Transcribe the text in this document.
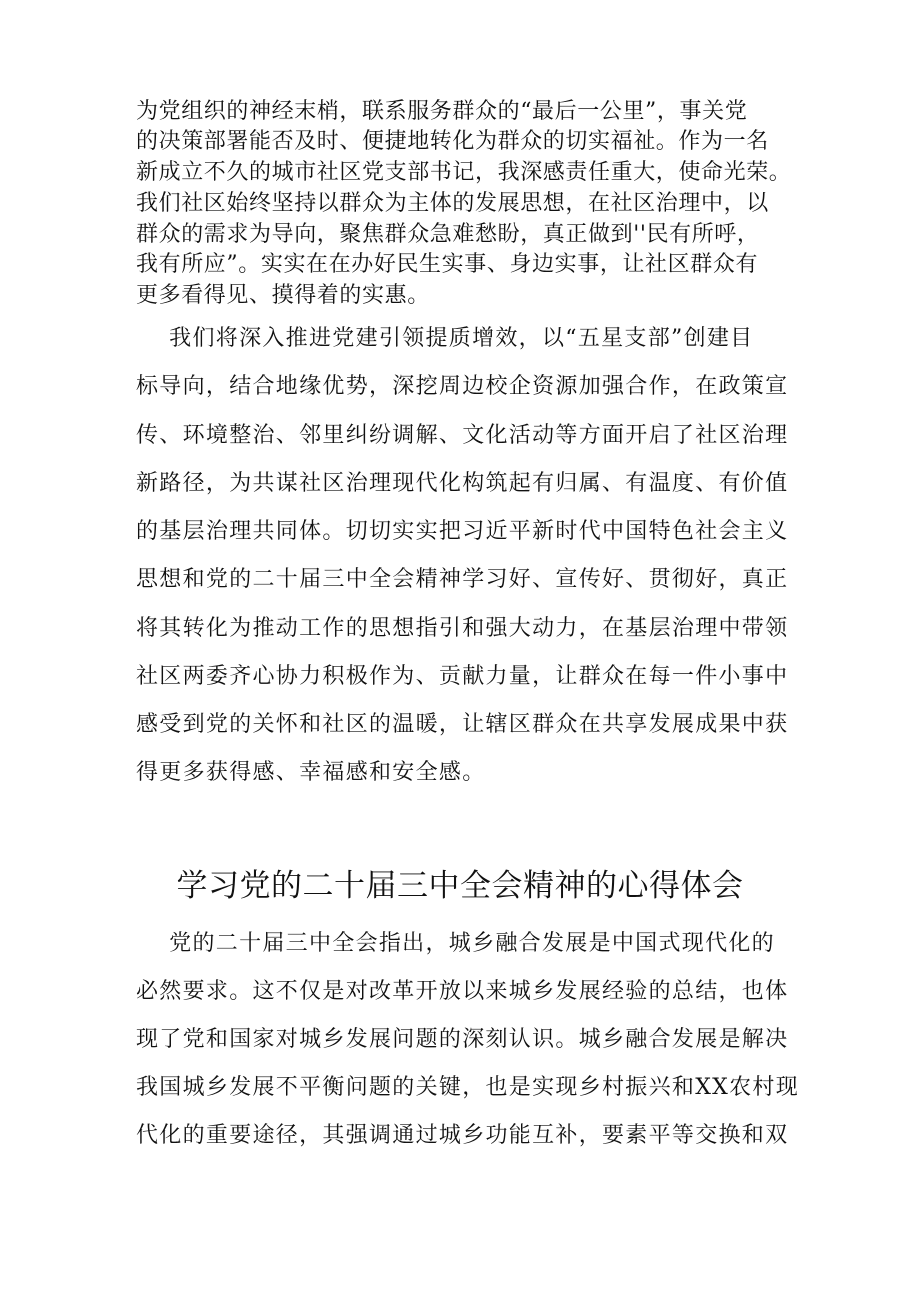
为党组织的神经末梢，联系服务群众的“最后一公里”，事关党
的决策部署能否及时、便捷地转化为群众的切实福祉。作为一名
新成立不久的城市社区党支部书记，我深感责任重大，使命光荣。
我们社区始终坚持以群众为主体的发展思想，在社区治理中，以
群众的需求为导向，聚焦群众急难愁盼，真正做到''民有所呼，
我有所应”。实实在在办好民生实事、身边实事，让社区群众有
更多看得见、摸得着的实惠。
我们将深入推进党建引领提质增效，以“五星支部”创建目
标导向，结合地缘优势，深挖周边校企资源加强合作，在政策宣
传、环境整治、邻里纠纷调解、文化活动等方面开启了社区治理
新路径，为共谋社区治理现代化构筑起有归属、有温度、有价值
的基层治理共同体。切切实实把习近平新时代中国特色社会主义
思想和党的二十届三中全会精神学习好、宣传好、贯彻好，真正
将其转化为推动工作的思想指引和强大动力，在基层治理中带领
社区两委齐心协力积极作为、贡献力量，让群众在每一件小事中
感受到党的关怀和社区的温暖，让辖区群众在共享发展成果中获
得更多获得感、幸福感和安全感。
学习党的二十届三中全会精神的心得体会
党的二十届三中全会指出，城乡融合发展是中国式现代化的
必然要求。这不仅是对改革开放以来城乡发展经验的总结，也体
现了党和国家对城乡发展问题的深刻认识。城乡融合发展是解决
我国城乡发展不平衡问题的关键，也是实现乡村振兴和XX农村现
代化的重要途径，其强调通过城乡功能互补，要素平等交换和双
